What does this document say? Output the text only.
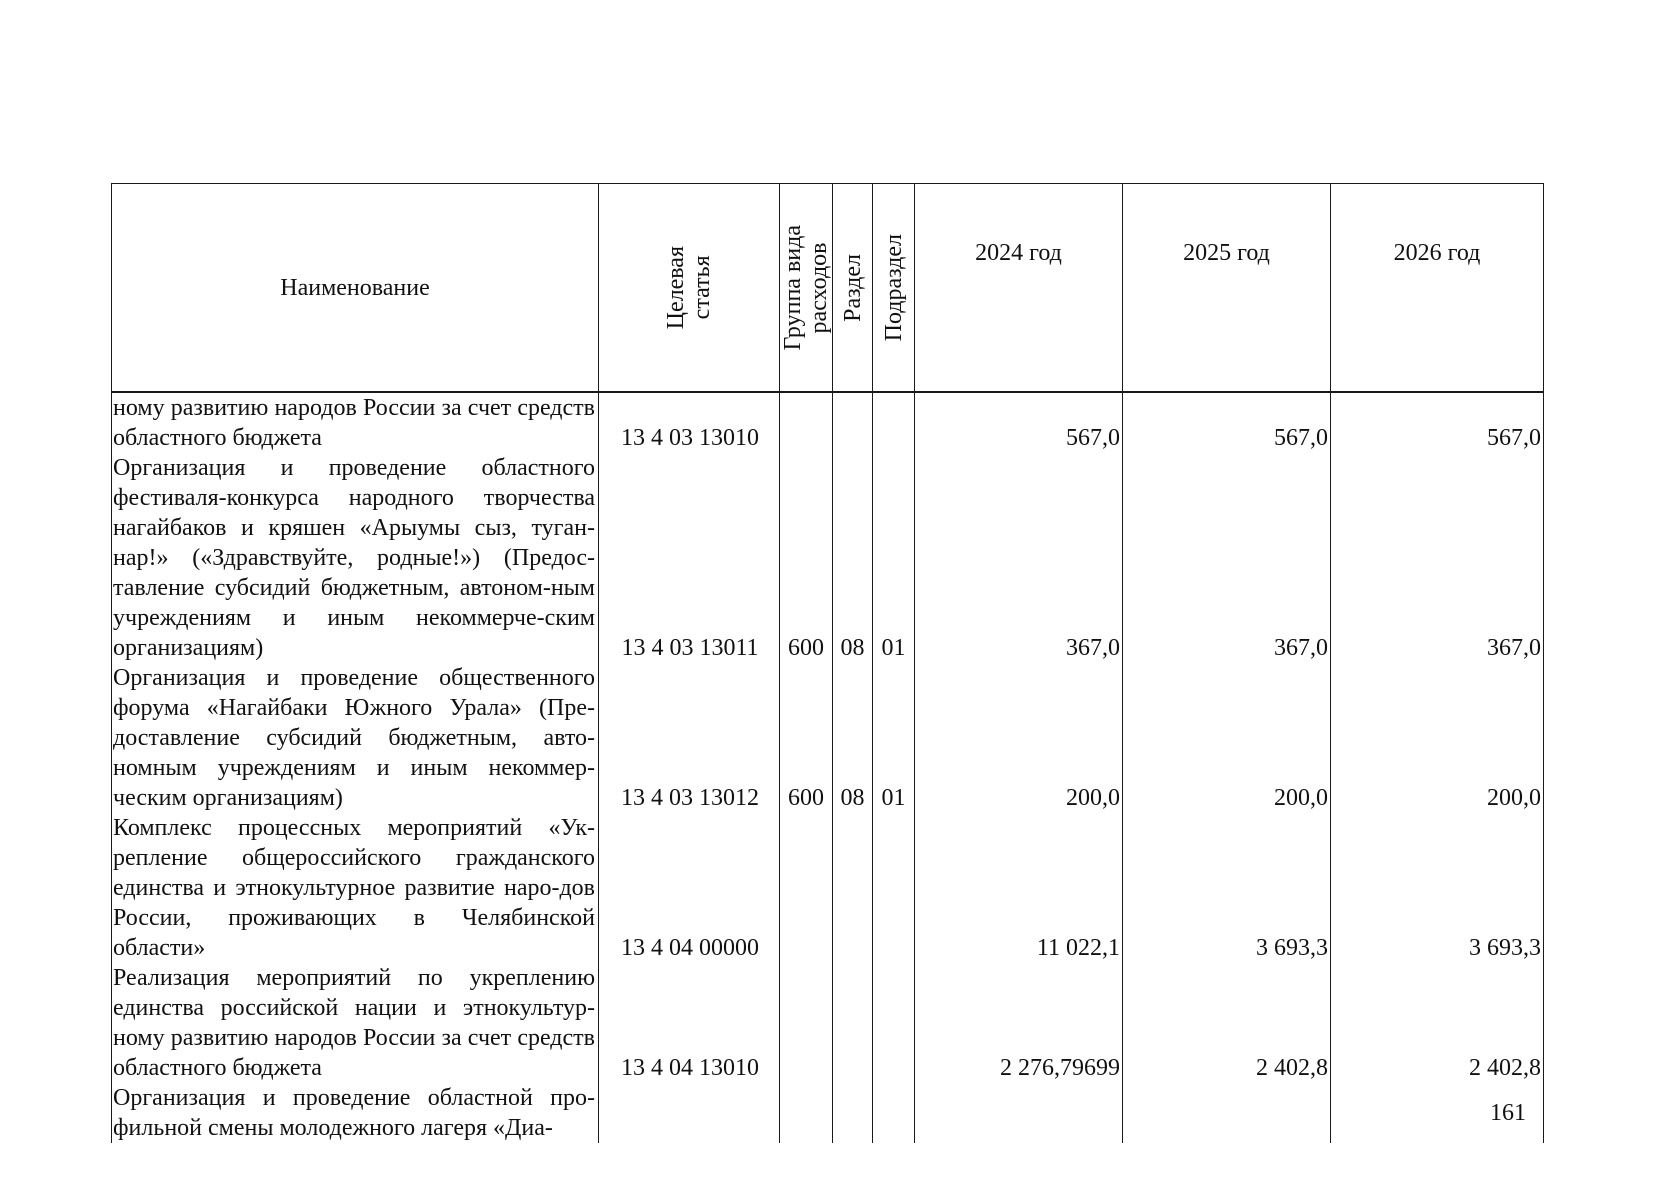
Наименование	Целевая статья	Группа вида расходов	Раздел	Подраздел	2024 год	2025 год	2026 год

ному развитию народов России за счет средств областного бюджета	13 4 03 13010				567,0	567,0	567,0

Организация и проведение областного фестиваля-конкурса народного творчества нагайбаков и кряшен «Арыумы сыз, туган-нар!» («Здравствуйте, родные!») (Предос-тавление субсидий бюджетным, автоном-ным учреждениям и иным некоммерче-ским организациям)	13 4 03 13011	600	08	01	367,0	367,0	367,0

Организация и проведение общественного форума «Нагайбаки Южного Урала» (Пре-доставление субсидий бюджетным, авто-номным учреждениям и иным некоммер-ческим организациям)	13 4 03 13012	600	08	01	200,0	200,0	200,0

Комплекс процессных мероприятий «Ук-репление общероссийского гражданского единства и этнокультурное развитие наро-дов России, проживающих в Челябинской области»	13 4 04 00000				11 022,1	3 693,3	3 693,3

Реализация мероприятий по укреплению единства российской нации и этнокультур-ному развитию народов России за счет средств областного бюджета	13 4 04 13010				2 276,79699	2 402,8	2 402,8

Организация и проведение областной про-фильной смены молодежного лагеря «Диа-							

161
